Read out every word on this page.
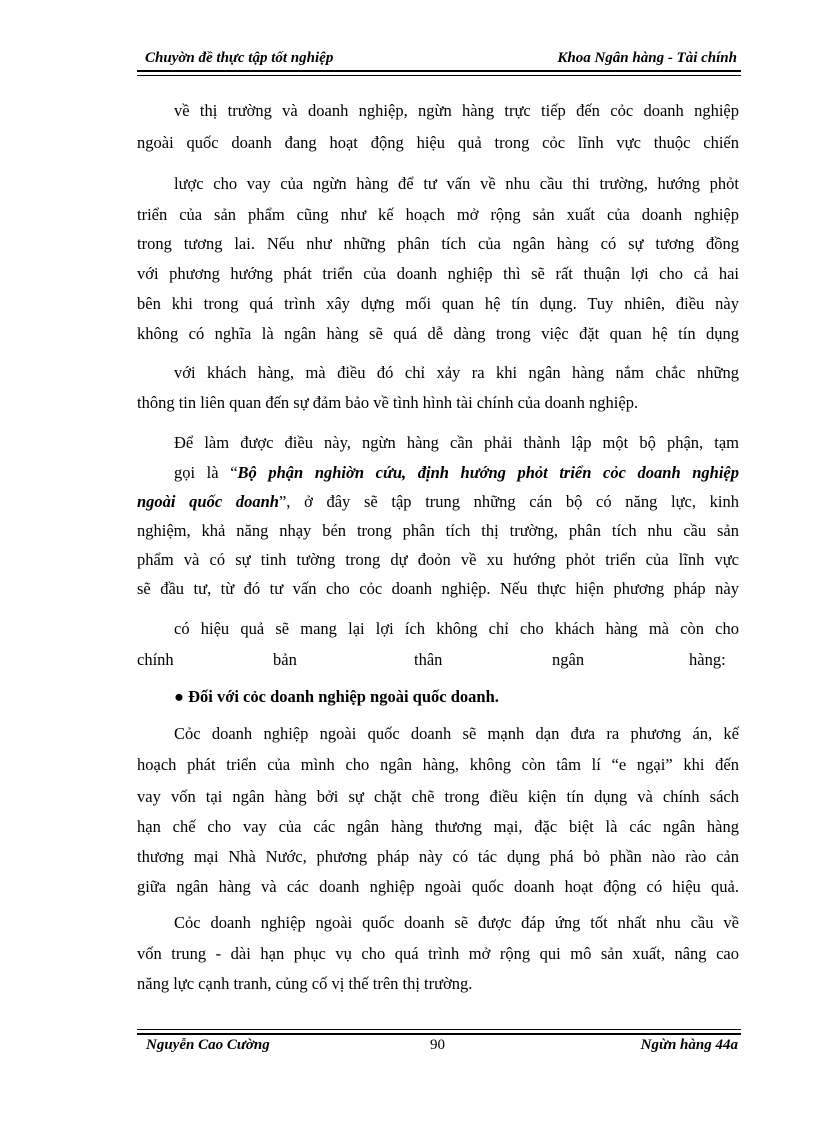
Chuyờn đề thực tập tốt nghiệp	Khoa Ngân hàng - Tài chính
về thị trường và doanh nghiệp, ngừn hàng trực tiếp đến cỏc doanh nghiệp
ngoài quốc doanh đang hoạt động hiệu quả trong cỏc lĩnh vực thuộc chiến
lược cho vay của ngừn hàng để tư vấn về nhu cầu thi trường, hướng phỏt
triển của sản phẩm cũng như kế hoạch mở rộng sản xuất của doanh nghiệp
trong tương lai. Nếu như những phân tích của ngân hàng có sự tương đồng
với phương hướng phát triển của doanh nghiệp thì sẽ rất thuận lợi cho cả hai
bên khi trong quá trình xây dựng mối quan hệ tín dụng. Tuy nhiên, điều này
không có nghĩa là ngân hàng sẽ quá dễ dàng trong việc đặt quan hệ tín dụng
với khách hàng, mà điều đó chỉ xảy ra khi ngân hàng nắm chắc những
thông tin liên quan đến sự đảm bảo về tình hình tài chính của doanh nghiệp.
Để làm được điều này, ngừn hàng cần phải thành lập một bộ phận, tạm
gọi là “Bộ phận nghiờn cứu, định hướng phỏt triển cỏc doanh nghiệp
ngoài quốc doanh”, ở đây sẽ tập trung những cán bộ có năng lực, kinh
nghiệm, khả năng nhạy bén trong phân tích thị trường, phân tích nhu cầu sản
phẩm và có sự tinh tường trong dự đoỏn về xu hướng phỏt triển của lĩnh vực
sẽ đầu tư, từ đó tư vấn cho cỏc doanh nghiệp. Nếu thực hiện phương pháp này
có hiệu quả sẽ mang lại lợi ích không chỉ cho khách hàng mà còn cho
chính	bản	thân	ngân	hàng:
● Đối với cỏc doanh nghiệp ngoài quốc doanh.
Cỏc doanh nghiệp ngoài quốc doanh sẽ mạnh dạn đưa ra phương án, kế
hoạch phát triển của mình cho ngân hàng, không còn tâm lí “e ngại” khi đến
vay vốn tại ngân hàng bởi sự chặt chẽ trong điều kiện tín dụng và chính sách
hạn chế cho vay của các ngân hàng thương mại, đặc biệt là các ngân hàng
thương mại Nhà Nước, phương pháp này có tác dụng phá bỏ phần nào rào cản
giữa ngân hàng và các doanh nghiệp ngoài quốc doanh hoạt động có hiệu quả.
Cỏc doanh nghiệp ngoài quốc doanh sẽ được đáp ứng tốt nhất nhu cầu về
vốn trung - dài hạn phục vụ cho quá trình mở rộng qui mô sản xuất, nâng cao
năng lực cạnh tranh, củng cố vị thế trên thị trường.
Nguyễn Cao Cường	90	Ngừn hàng 44a
